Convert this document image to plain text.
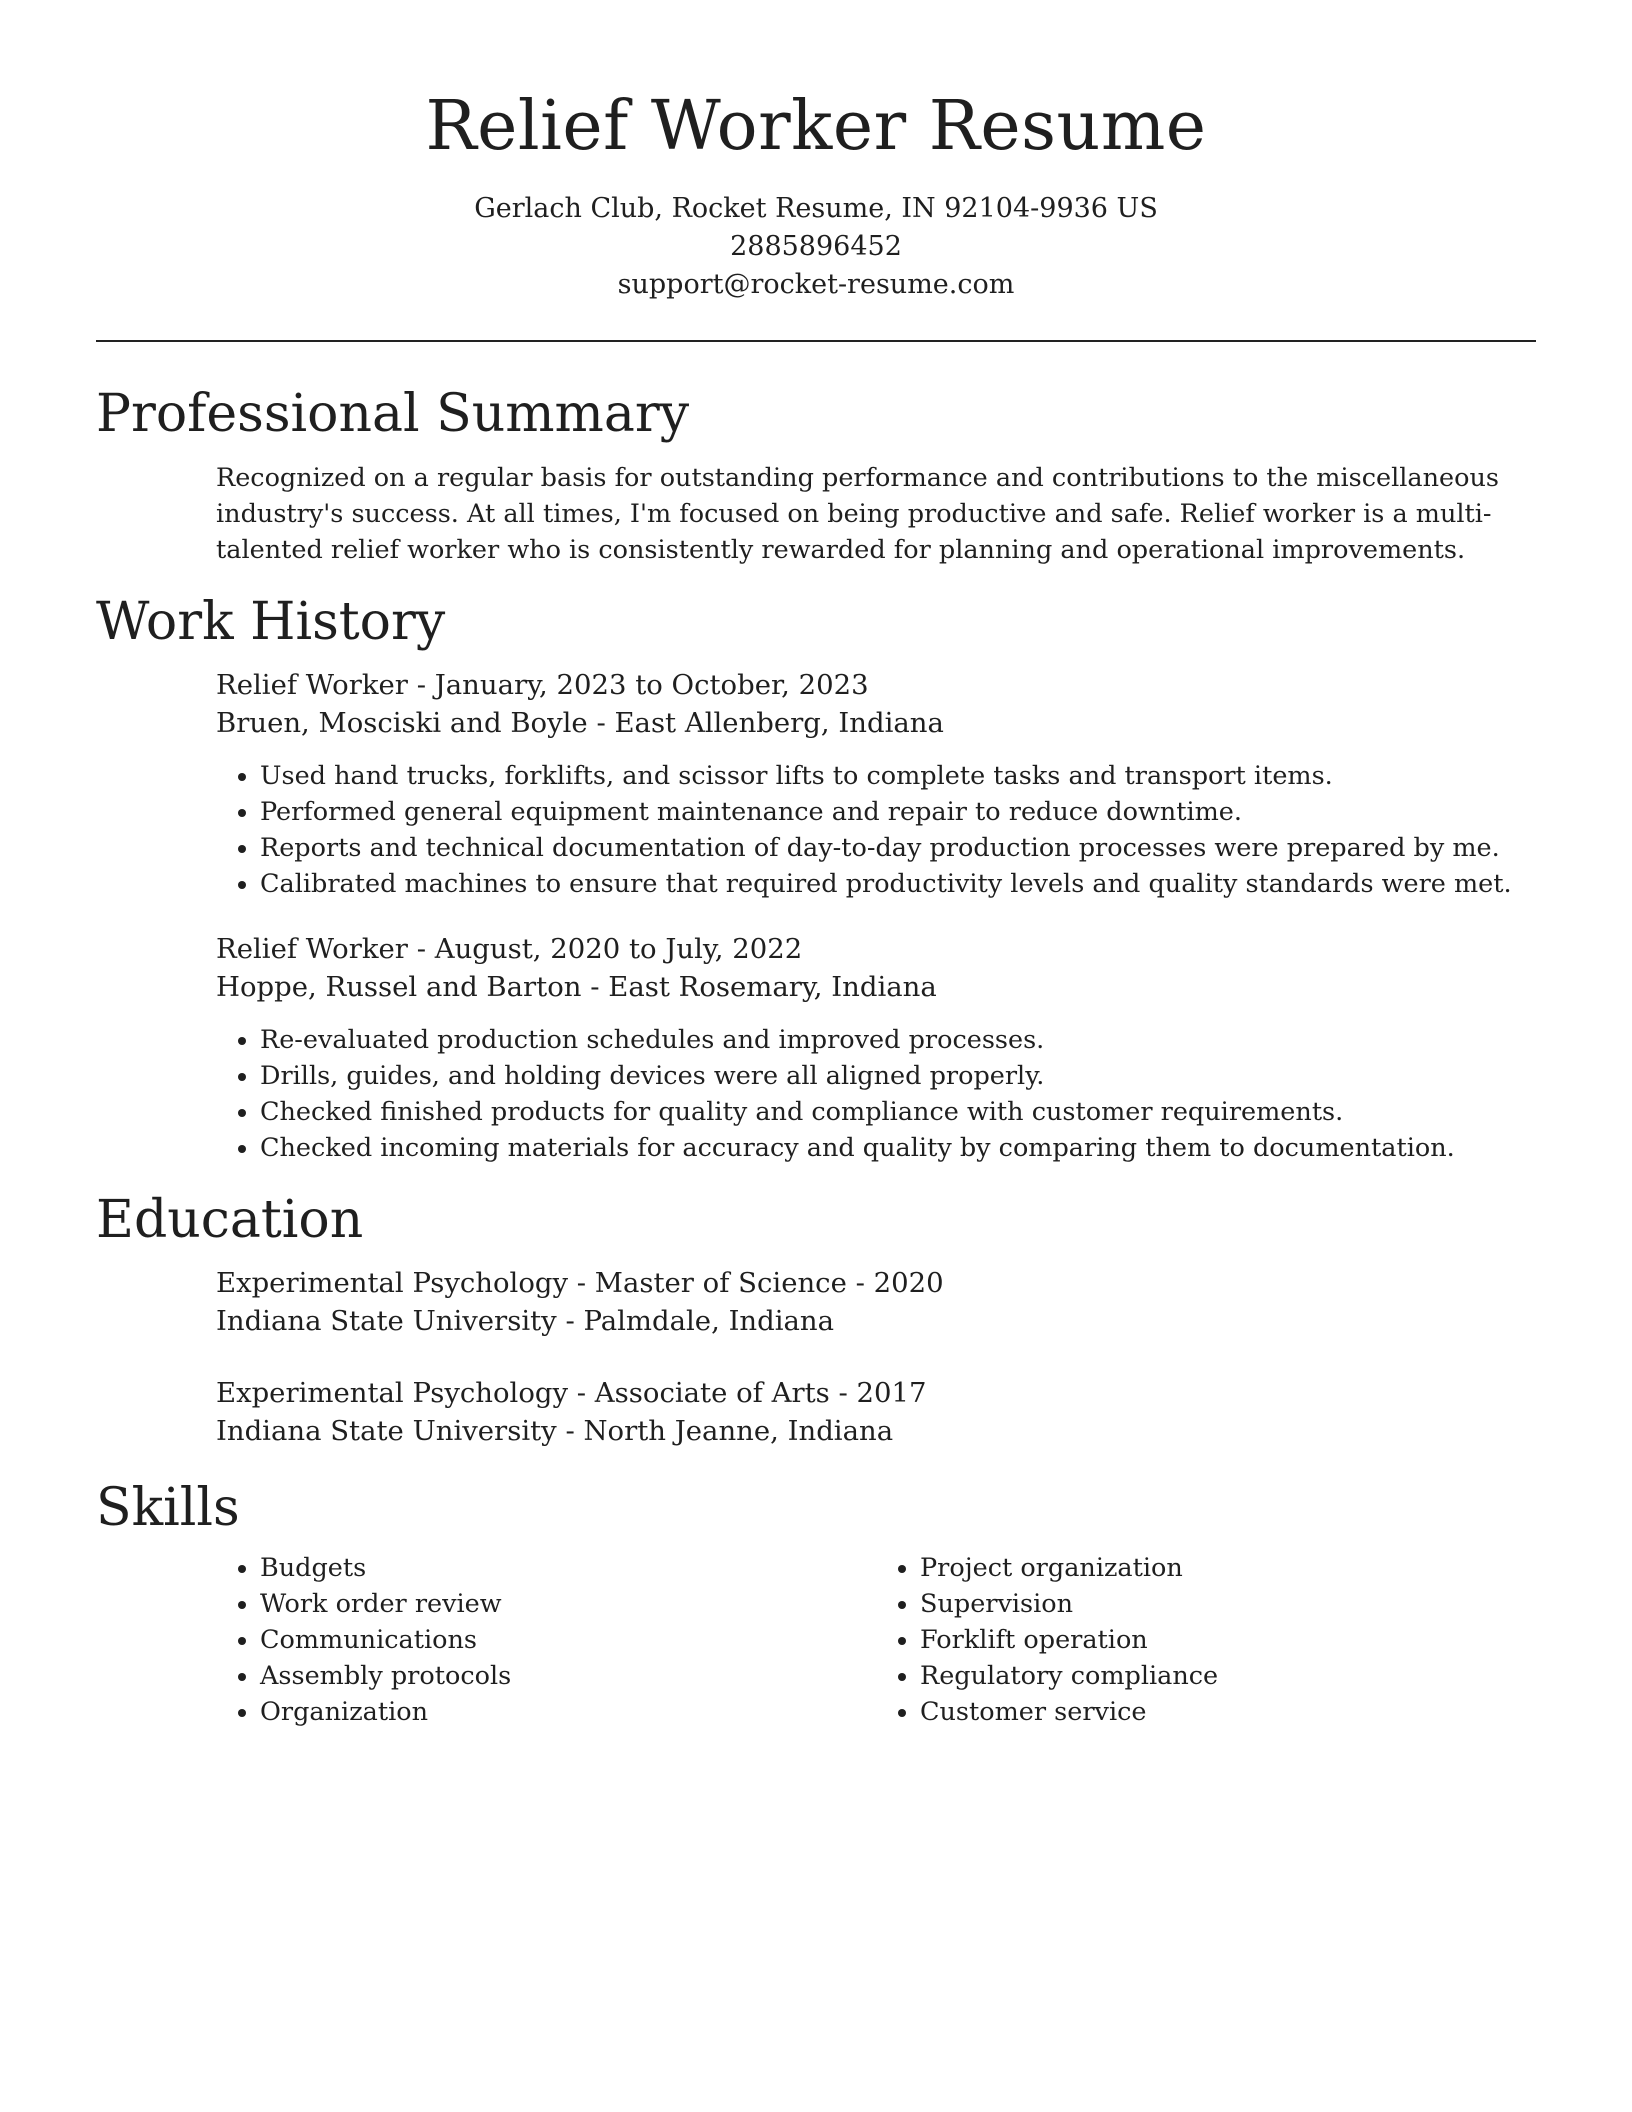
Relief Worker Resume
Gerlach Club, Rocket Resume, IN 92104-9936 US
2885896452
support@rocket-resume.com
Professional Summary

Recognized on a regular basis for outstanding performance and contributions to the miscellaneous industry's success. At all times, I'm focused on being productive and safe. Relief worker is a multi-talented relief worker who is consistently rewarded for planning and operational improvements.

Work History
Relief Worker - January, 2023 to October, 2023
Bruen, Mosciski and Boyle - East Allenberg, Indiana
• Used hand trucks, forklifts, and scissor lifts to complete tasks and transport items.
• Performed general equipment maintenance and repair to reduce downtime.
• Reports and technical documentation of day-to-day production processes were prepared by me.
• Calibrated machines to ensure that required productivity levels and quality standards were met.
Relief Worker - August, 2020 to July, 2022
Hoppe, Russel and Barton - East Rosemary, Indiana
• Re-evaluated production schedules and improved processes.
• Drills, guides, and holding devices were all aligned properly.
• Checked finished products for quality and compliance with customer requirements.
• Checked incoming materials for accuracy and quality by comparing them to documentation.
Education
Experimental Psychology - Master of Science - 2020
Indiana State University - Palmdale, Indiana
Experimental Psychology - Associate of Arts - 2017
Indiana State University - North Jeanne, Indiana
Skills
• Budgets
• Work order review
• Communications
• Assembly protocols
• Organization
• Project organization
• Supervision
• Forklift operation
• Regulatory compliance
• Customer service
